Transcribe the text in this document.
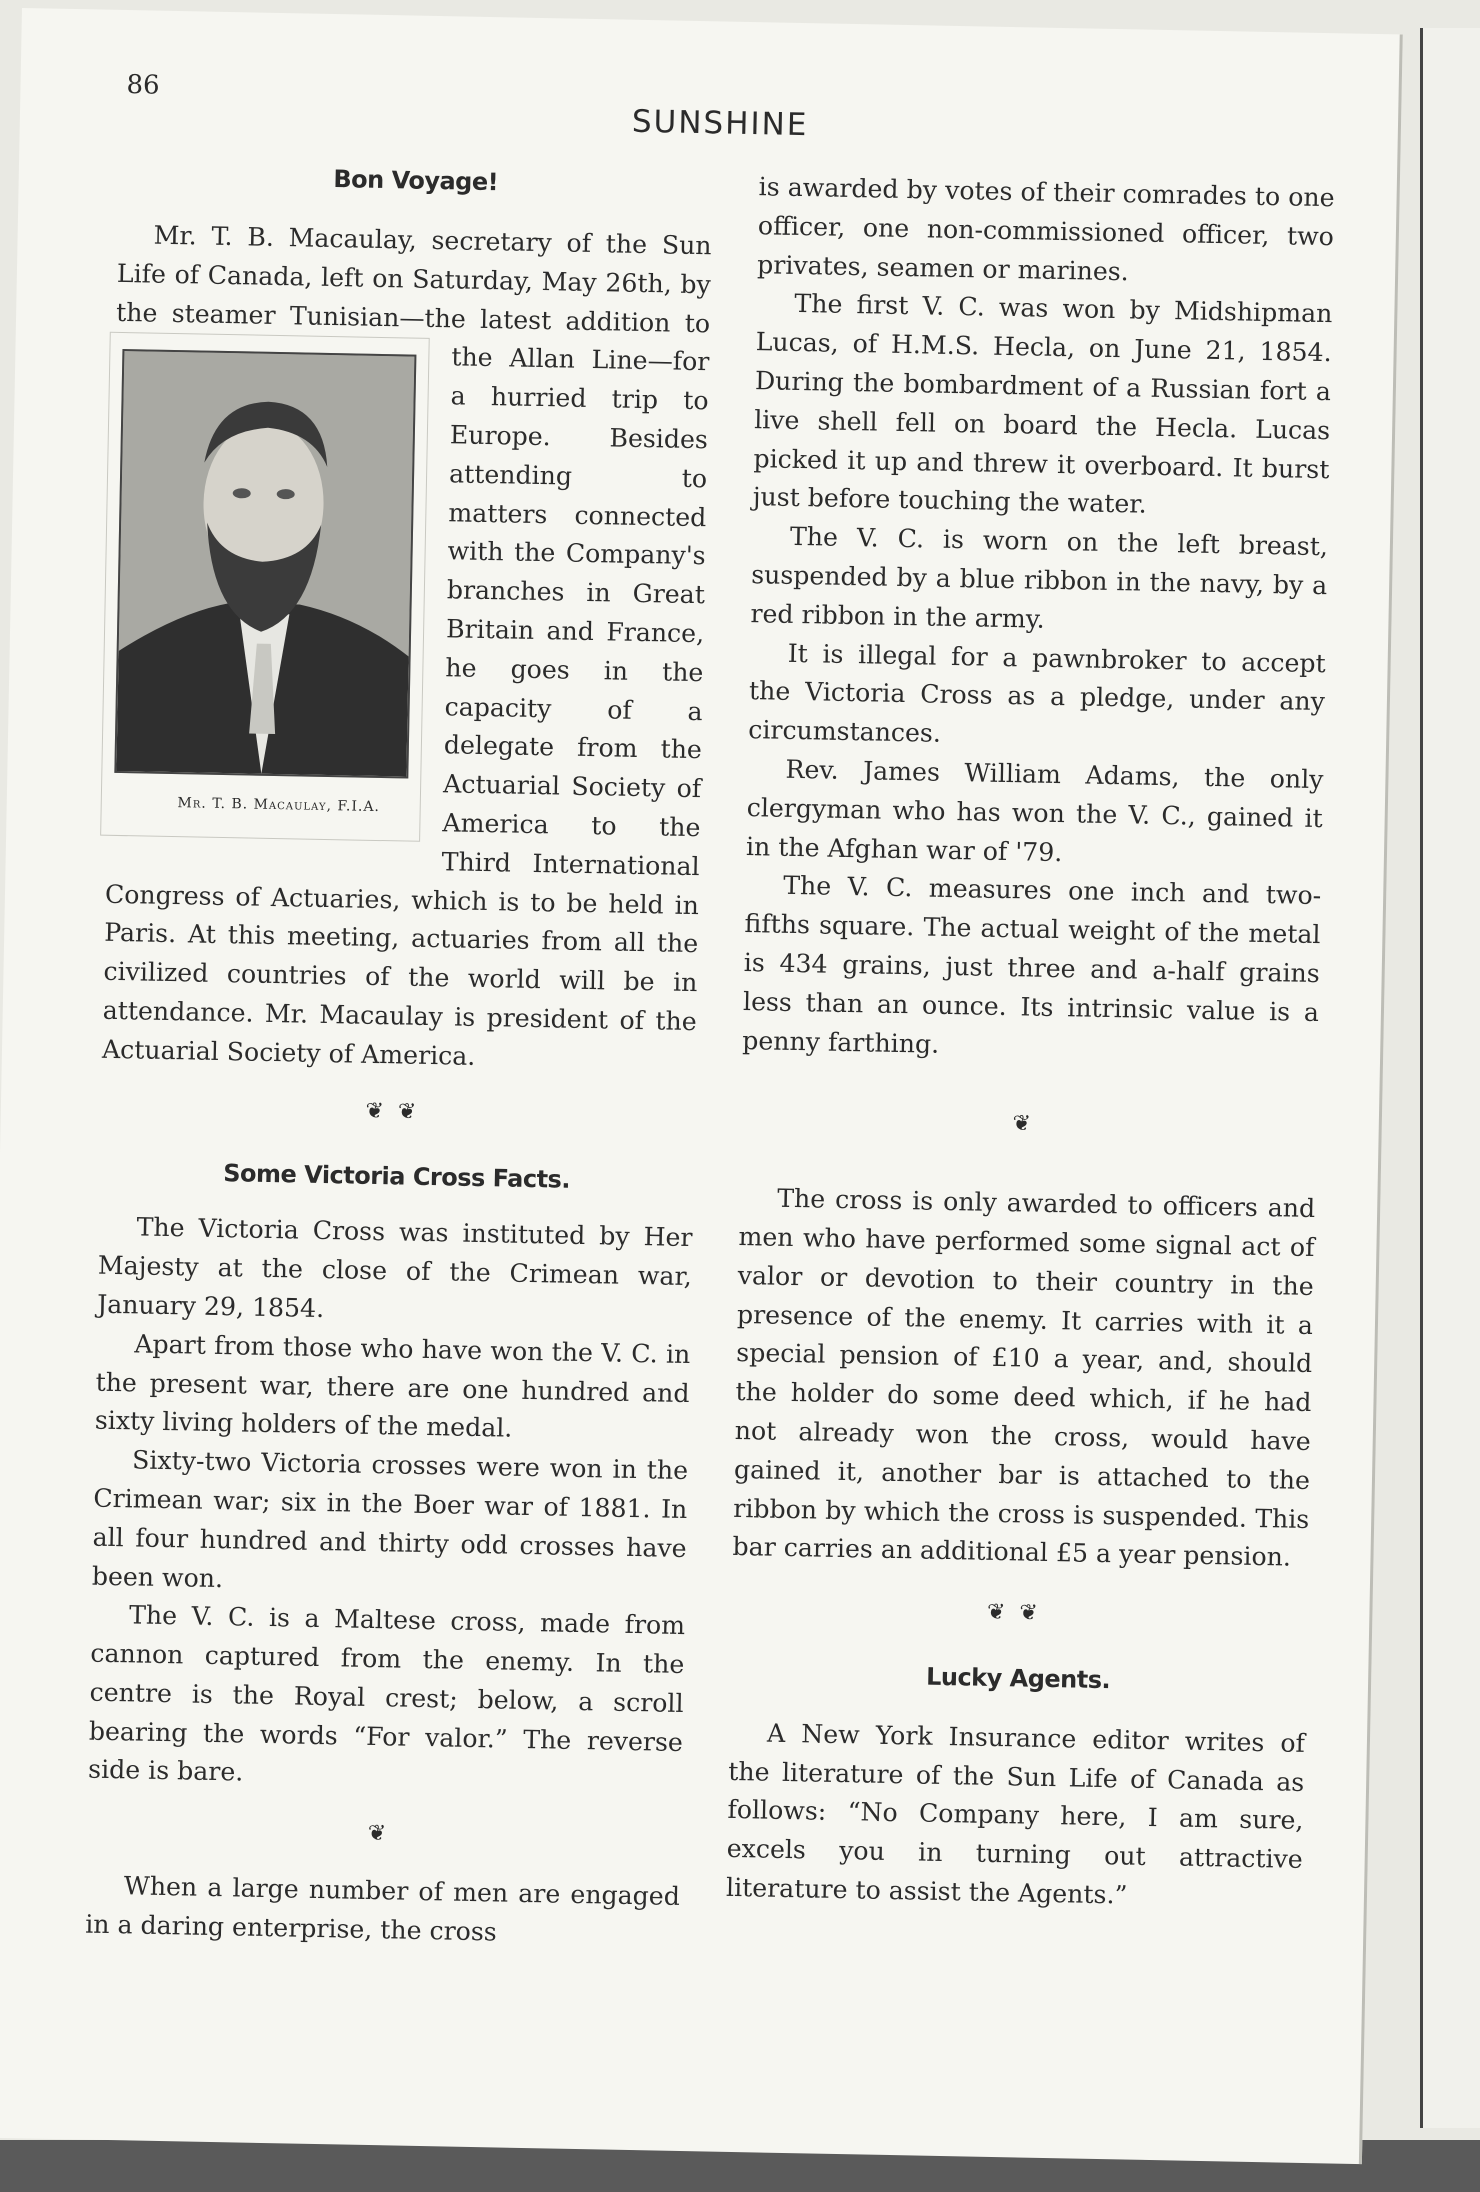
86
SUNSHINE
Bon Voyage!

Mr. T. B. Macaulay, secretary of the Sun Life of Canada, left on Saturday, May 26th, by the steamer Tunisian—the latest
Mr. T. B. Macaulay, F.I.A.
addition to the Allan Line—for a hurried trip to Europe. Besides attending to matters connected with the Company's branches in Great Britain and France, he goes in the capacity of a delegate from the Actuarial Society of America to the Third International Congress of Actuaries, which is to be held in Paris. At this meeting, actuaries from all the civilized countries of the world will be in attendance. Mr. Macaulay is president of the Actuarial Society of America.

❦❦
Some Victoria Cross Facts.

The Victoria Cross was instituted by Her Majesty at the close of the Crimean war, January 29, 1854.

Apart from those who have won the V. C. in the present war, there are one hundred and sixty living holders of the medal.

Sixty-two Victoria crosses were won in the Crimean war; six in the Boer war of 1881. In all four hundred and thirty odd crosses have been won.

The V. C. is a Maltese cross, made from cannon captured from the enemy. In the centre is the Royal crest; below, a scroll bearing the words “For valor.” The reverse side is bare.

❦

When a large number of men are engaged in a daring enterprise, the cross

is awarded by votes of their comrades to one officer, one non-commissioned officer, two privates, seamen or marines.

The first V. C. was won by Midshipman Lucas, of H.M.S. Hecla, on June 21, 1854. During the bombardment of a Russian fort a live shell fell on board the Hecla. Lucas picked it up and threw it overboard. It burst just before touching the water.

The V. C. is worn on the left breast, suspended by a blue ribbon in the navy, by a red ribbon in the army.

It is illegal for a pawnbroker to accept the Victoria Cross as a pledge, under any circumstances.

Rev. James William Adams, the only clergyman who has won the V. C., gained it in the Afghan war of '79.

The V. C. measures one inch and two-fifths square. The actual weight of the metal is 434 grains, just three and a-half grains less than an ounce. Its intrinsic value is a penny farthing.

❦

The cross is only awarded to officers and men who have performed some signal act of valor or devotion to their country in the presence of the enemy. It carries with it a special pension of £10 a year, and, should the holder do some deed which, if he had not already won the cross, would have gained it, another bar is attached to the ribbon by which the cross is suspended. This bar carries an additional £5 a year pension.

❦❦
Lucky Agents.

A New York Insurance editor writes of the literature of the Sun Life of Canada as follows: “No Company here, I am sure, excels you in turning out attractive literature to assist the Agents.”
